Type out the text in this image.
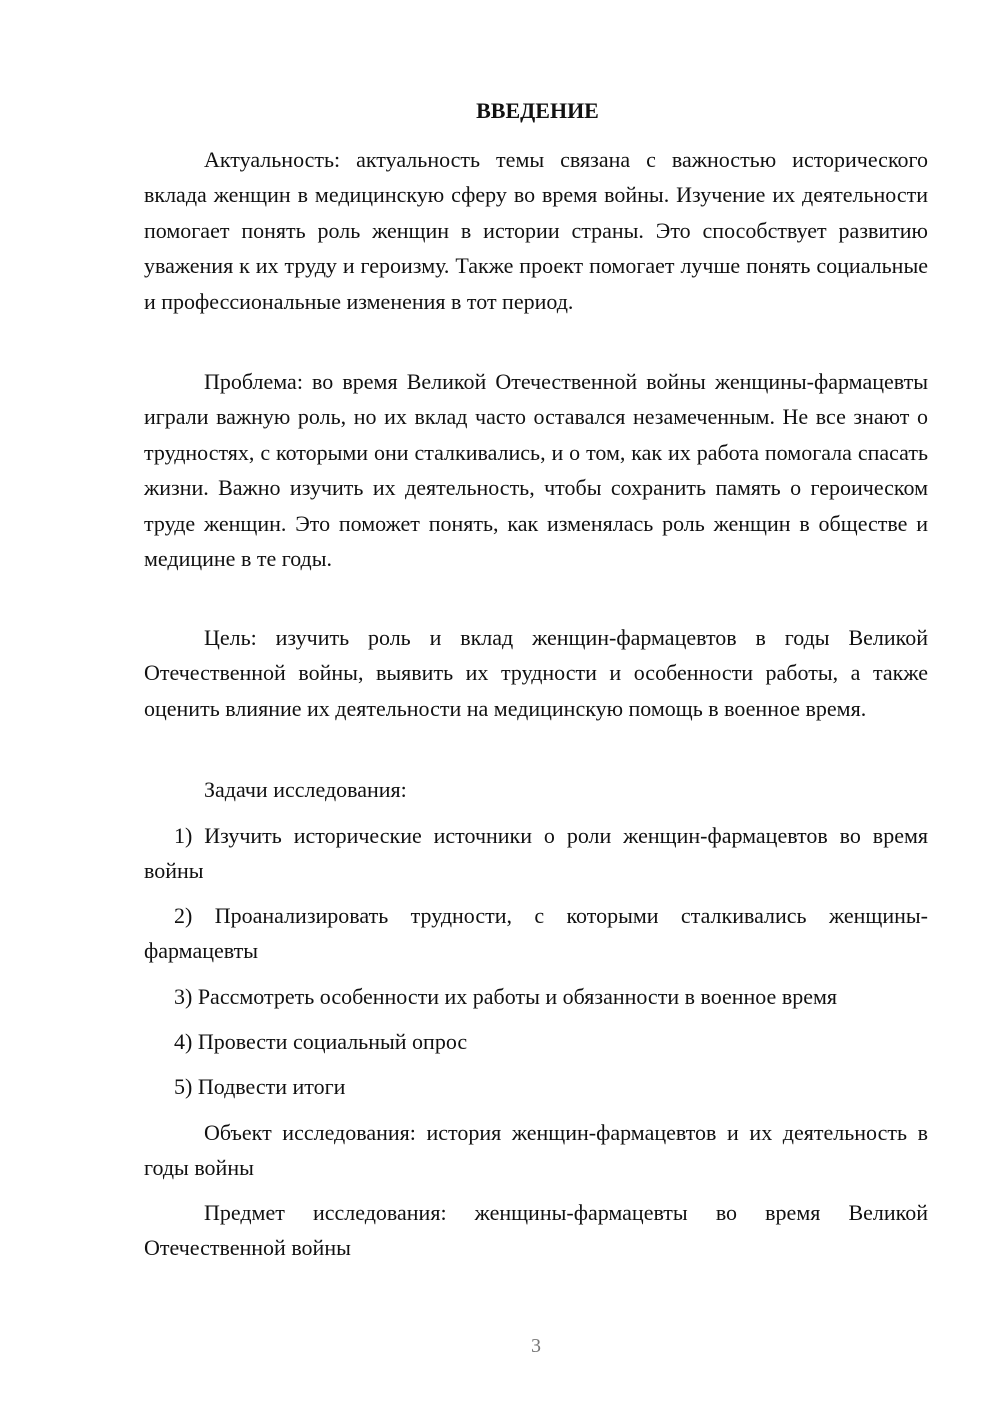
ВВЕДЕНИЕ

Актуальность: актуальность темы связана с важностью исторического вклада женщин в медицинскую сферу во время войны. Изучение их деятельности помогает понять роль женщин в истории страны. Это способствует развитию уважения к их труду и героизму. Также проект помогает лучше понять социальные и профессиональные изменения в тот период.

Проблема: во время Великой Отечественной войны женщины-фармацевты играли важную роль, но их вклад часто оставался незамеченным. Не все знают о трудностях, с которыми они сталкивались, и о том, как их работа помогала спасать жизни. Важно изучить их деятельность, чтобы сохранить память о героическом труде женщин. Это поможет понять, как изменялась роль женщин в обществе и медицине в те годы.

Цель: изучить роль и вклад женщин-фармацевтов в годы Великой Отечественной войны, выявить их трудности и особенности работы, а также оценить влияние их деятельности на медицинскую помощь в военное время.

Задачи исследования:

1) Изучить исторические источники о роли женщин-фармацевтов во время войны

2) Проанализировать трудности, с которыми сталкивались женщины-фармацевты

3) Рассмотреть особенности их работы и обязанности в военное время

4) Провести социальный опрос

5) Подвести итоги

Объект исследования: история женщин-фармацевтов и их деятельность в годы войны

Предмет исследования: женщины-фармацевты во время Великой Отечественной войны

3
